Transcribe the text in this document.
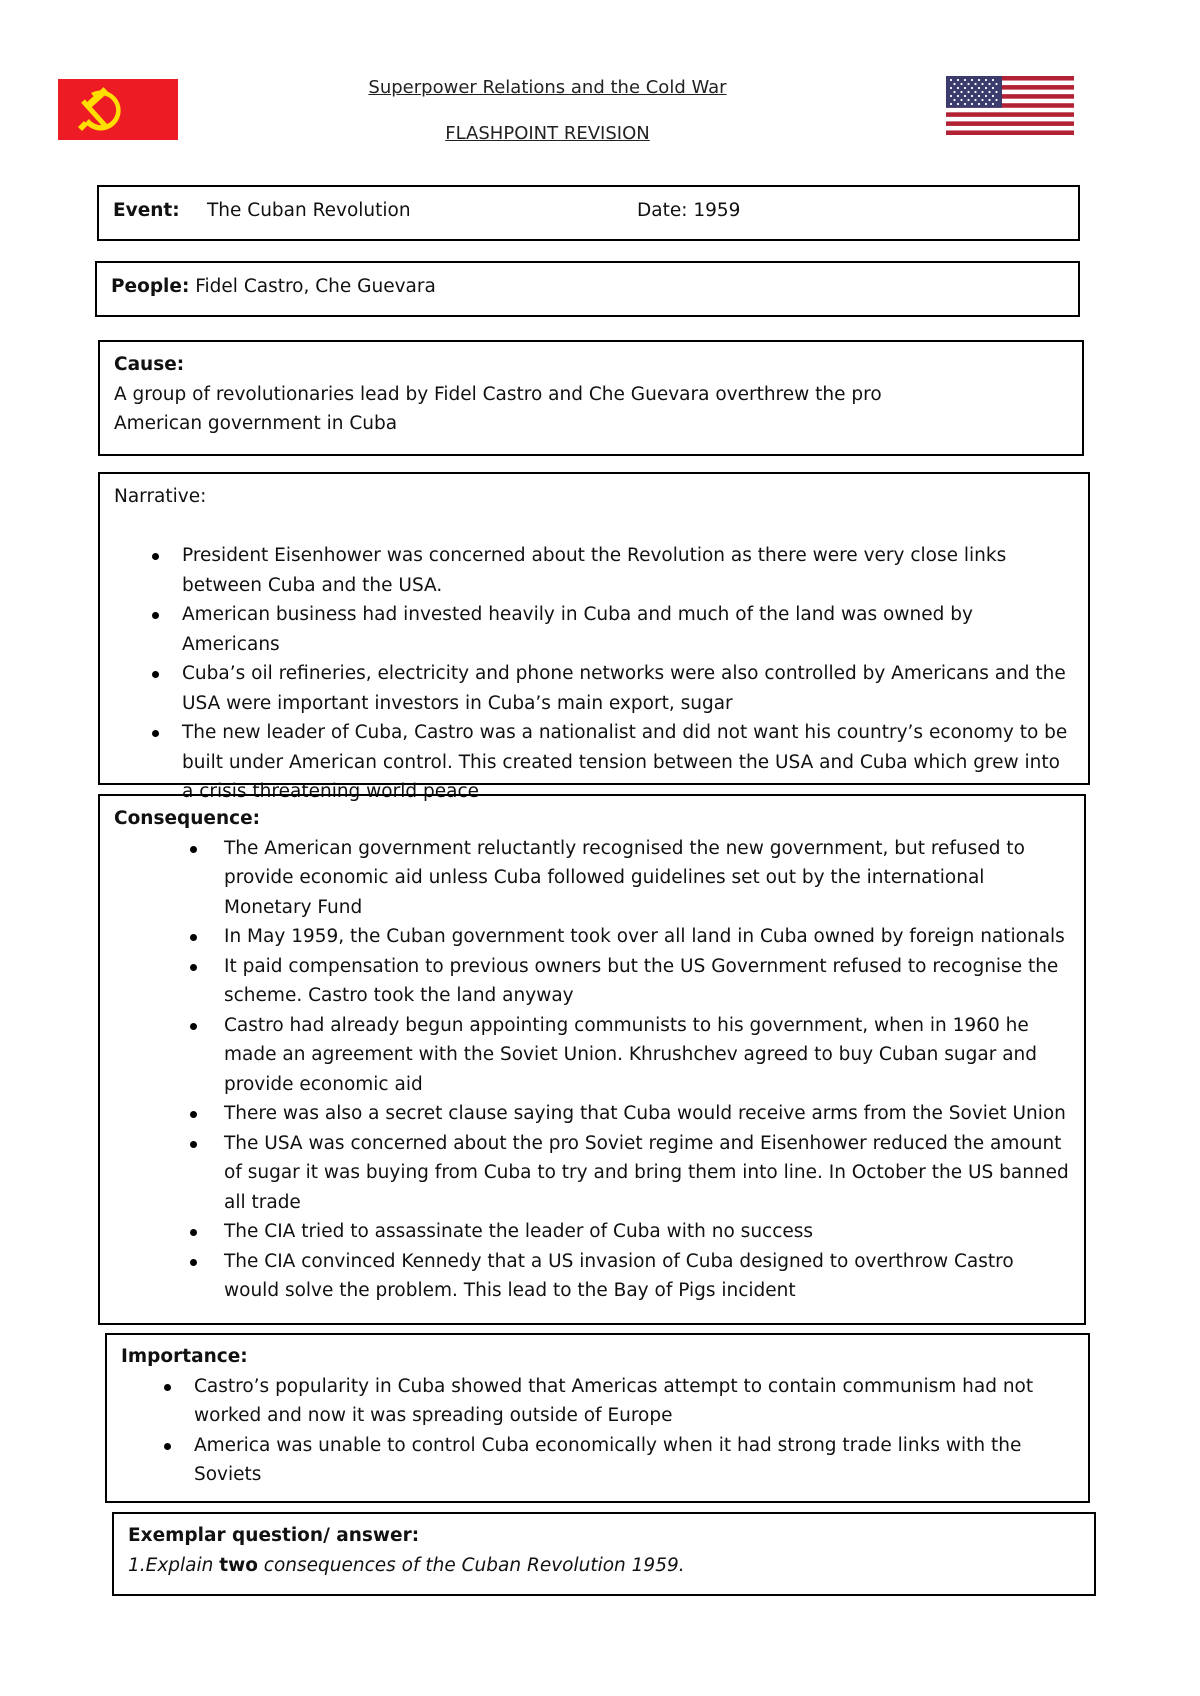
Superpower Relations and the Cold War
FLASHPOINT REVISION
Event: The Cuban Revolution	Date: 1959
People: Fidel Castro, Che Guevara
Cause:
A group of revolutionaries lead by Fidel Castro and Che Guevara overthrew the pro American government in Cuba
Narrative:
President Eisenhower was concerned about the Revolution as there were very close links between Cuba and the USA.
American business had invested heavily in Cuba and much of the land was owned by Americans
Cuba’s oil refineries, electricity and phone networks were also controlled by Americans and the USA were important investors in Cuba’s main export, sugar
The new leader of Cuba, Castro was a nationalist and did not want his country’s economy to be built under American control. This created tension between the USA and Cuba which grew into a crisis threatening world peace
Consequence:
The American government reluctantly recognised the new government, but refused to provide economic aid unless Cuba followed guidelines set out by the international Monetary Fund
In May 1959, the Cuban government took over all land in Cuba owned by foreign nationals
It paid compensation to previous owners but the US Government refused to recognise the scheme. Castro took the land anyway
Castro had already begun appointing communists to his government, when in 1960 he made an agreement with the Soviet Union. Khrushchev agreed to buy Cuban sugar and provide economic aid
There was also a secret clause saying that Cuba would receive arms from the Soviet Union
The USA was concerned about the pro Soviet regime and Eisenhower reduced the amount of sugar it was buying from Cuba to try and bring them into line. In October the US banned all trade
The CIA tried to assassinate the leader of Cuba with no success
The CIA convinced Kennedy that a US invasion of Cuba designed to overthrow Castro would solve the problem. This lead to the Bay of Pigs incident
Importance:
Castro’s popularity in Cuba showed that Americas attempt to contain communism had not worked and now it was spreading outside of Europe
America was unable to control Cuba economically when it had strong trade links with the Soviets
Exemplar question/ answer:
1.Explain two consequences of the Cuban Revolution 1959.
